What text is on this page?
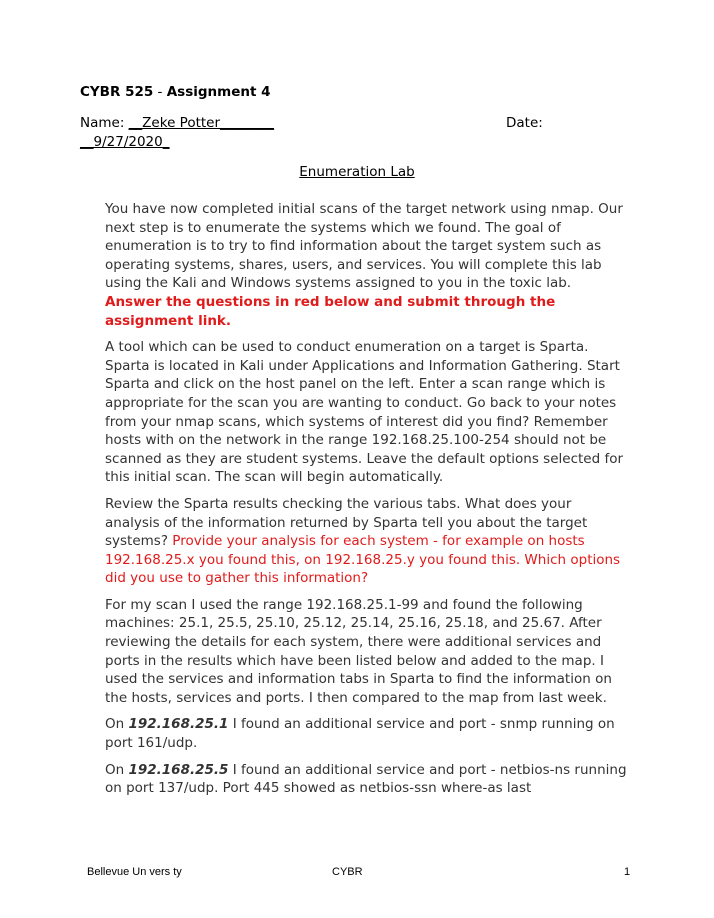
CYBR 525 - Assignment 4
Name: __Zeke Potter________	Date:
__9/27/2020_
Enumeration Lab

You have now completed initial scans of the target network using nmap. Our next step is to enumerate the systems which we found. The goal of enumeration is to try to find information about the target system such as operating systems, shares, users, and services. You will complete this lab using the Kali and Windows systems assigned to you in the toxic lab. Answer the questions in red below and submit through the assignment link.

A tool which can be used to conduct enumeration on a target is Sparta. Sparta is located in Kali under Applications and Information Gathering. Start Sparta and click on the host panel on the left. Enter a scan range which is appropriate for the scan you are wanting to conduct. Go back to your notes from your nmap scans, which systems of interest did you find? Remember hosts with on the network in the range 192.168.25.100-254 should not be scanned as they are student systems. Leave the default options selected for this initial scan. The scan will begin automatically.

Review the Sparta results checking the various tabs. What does your analysis of the information returned by Sparta tell you about the target systems? Provide your analysis for each system - for example on hosts 192.168.25.x you found this, on 192.168.25.y you found this. Which options did you use to gather this information?

For my scan I used the range 192.168.25.1-99 and found the following machines: 25.1, 25.5, 25.10, 25.12, 25.14, 25.16, 25.18, and 25.67. After reviewing the details for each system, there were additional services and ports in the results which have been listed below and added to the map. I used the services and information tabs in Sparta to find the information on the hosts, services and ports. I then compared to the map from last week.

On 192.168.25.1 I found an additional service and port - snmp running on port 161/udp.

On 192.168.25.5 I found an additional service and port - netbios-ns running on port 137/udp. Port 445 showed as netbios-ssn where-as last

Bellevue Un vers ty	CYBR	1
